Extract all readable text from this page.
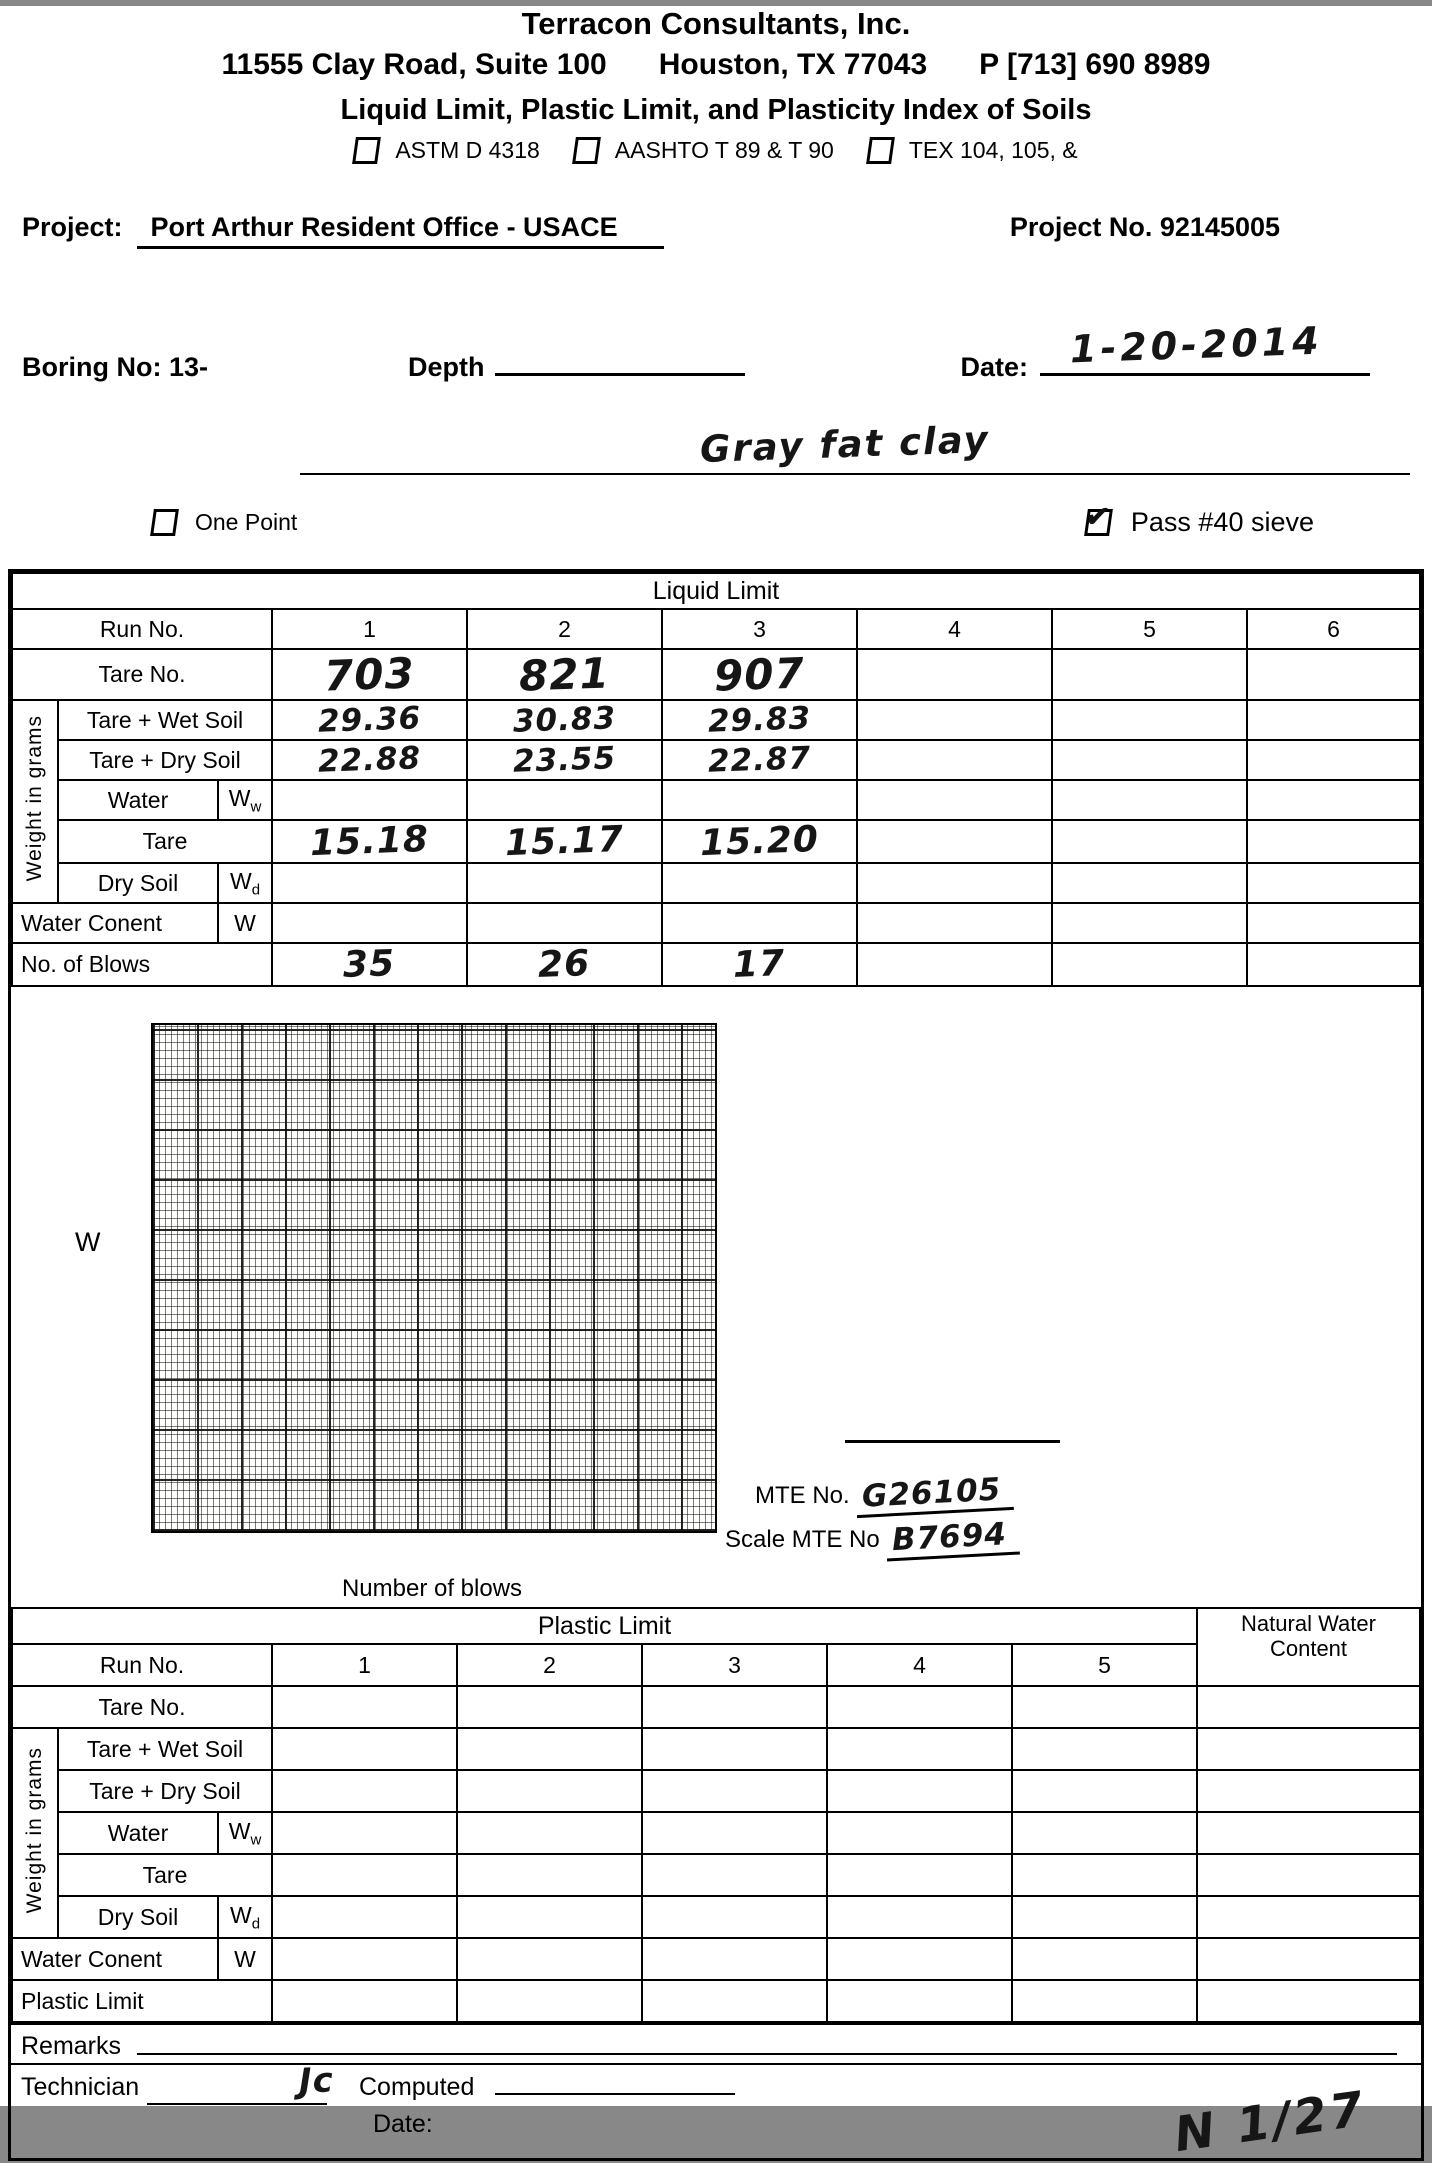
Terracon Consultants, Inc.
11555 Clay Road, Suite 100 Houston, TX 77043 P [713] 690 8989
Liquid Limit, Plastic Limit, and Plasticity Index of Soils
ASTM D 4318	AASHTO T 89 & T 90	TEX 104, 105, &
Project:	Port Arthur Resident Office - USACE	Project No. 92145005
Boring No: 13-	Depth	Date: 1-20-2014
Gray fat clay
One Point	✔ Pass #40 sieve
Liquid Limit								
Run No.			1	2	3	4	5	6
Tare No.			703	821	907			
Weight in grams	Tare + Wet Soil		29.36	30.83	29.83			
	Tare + Dry Soil		22.88	23.55	22.87			
	Water	$W_w$						
	Tare		15.18	15.17	15.20			
	Dry Soil	$W_d$						
Water Conent		W						
No. of Blows			35	26	17			
W
MTE No. G26105
Scale MTE No B7694
Number of blows
Plastic Limit								Natural Water Content
Run No.			1	2	3	4	5	
Tare No.								
Weight in grams	Tare + Wet Soil							
	Tare + Dry Soil							
	Water	$W_w$						
	Tare							
	Dry Soil	$W_d$						
Water Conent		W						
Plastic Limit								
Remarks
Technician	Jc Computed
Date:	N 1/27
